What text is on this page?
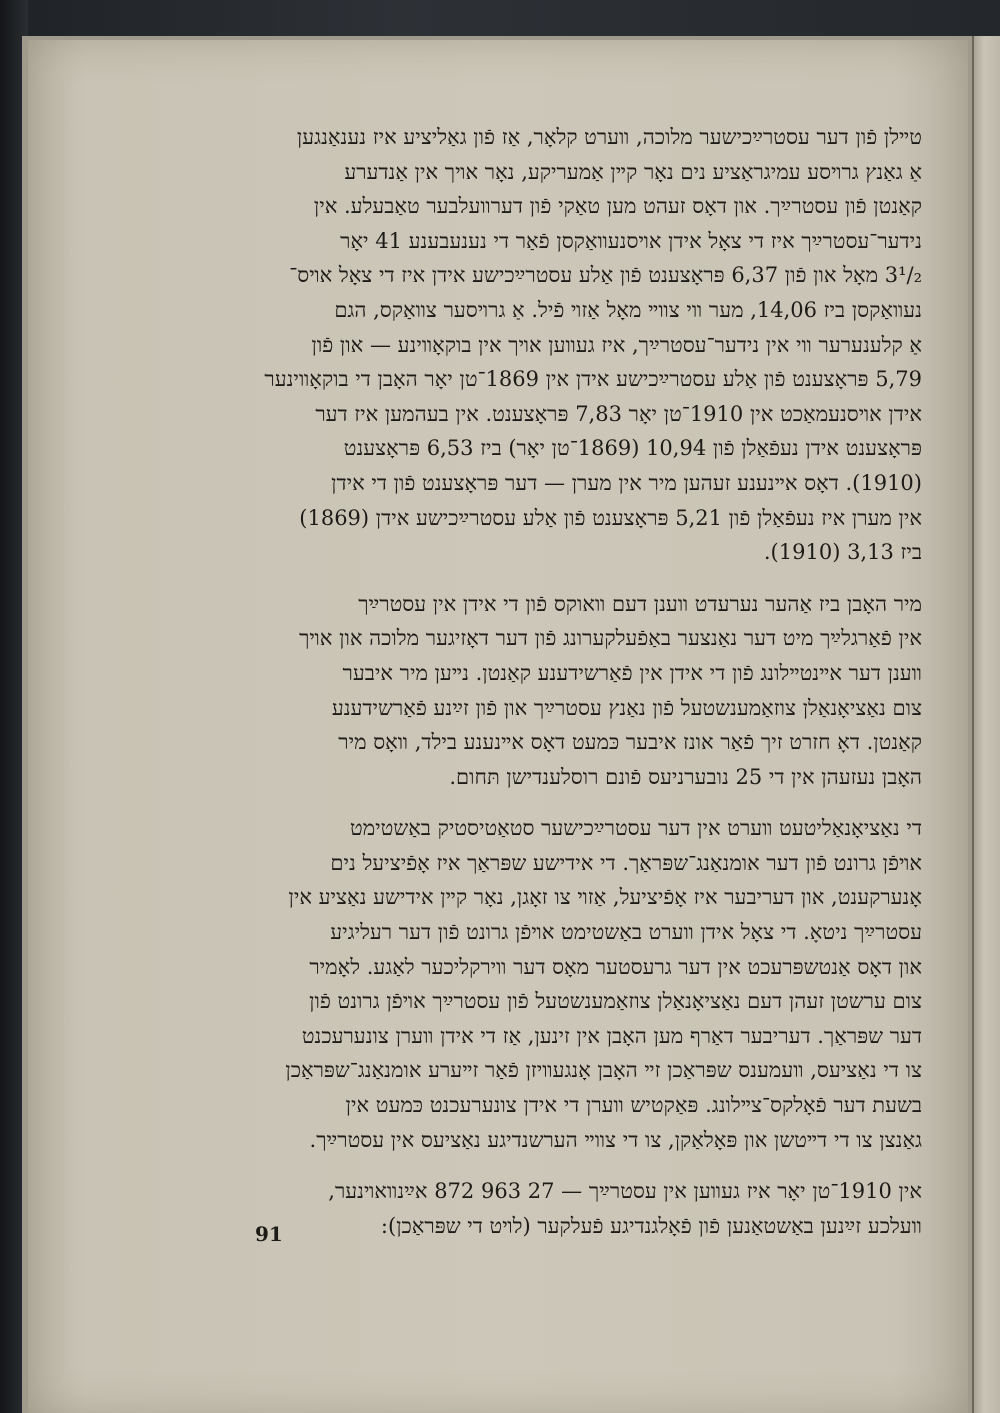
טײלן פֿון דער עסטרײַכישער מלוכה, װערט קלאָר, אַז פֿון גאַליציע איז נענאַנגען
אַ גאַנץ גרױסע עמיגראַציע נים נאָר קײן אַמעריקע, נאָר אױך אין אַנדערע
קאַנטן פֿון עסטרײַך. און דאָס זעהט מען טאַקי פֿון דערװעלבער טאַבעלע. אין
נידער־עסטרײַך איז די צאָל אידן אױסנעװאַקסן פֿאַר די נענעבענע 41 יאָר
3¹/₂ מאָל און פֿון 6,37 פּראָצענט פֿון אַלע עסטרײַכישע אידן איז די צאָל אױס־
נעװאַקסן ביז 14,06, מער װי צװײ מאָל אַזױ פֿיל. אַ גרױסער צװאַקס, הגם
אַ קלענערער װי אין נידער־עסטרײַך, איז געװען אױך אין בוקאָװינע — און פֿון
5,79 פּראָצענט פֿון אַלע עסטרײַכישע אידן אין 1869־טן יאָר האָבן די בוקאָװינער
אידן אױסנעמאַכט אין 1910־טן יאָר 7,83 פּראָצענט. אין בעהמען איז דער
פּראָצענט אידן נעפֿאַלן פֿון 10,94 (1869־טן יאָר) ביז 6,53 פּראָצענט
(1910). דאָס אײנענע זעהען מיר אין מערן — דער פּראָצענט פֿון די אידן
אין מערן איז נעפֿאַלן פֿון 5,21 פּראָצענט פֿון אַלע עסטרײַכישע אידן (1869)
ביז 3,13 (1910).
מיר האָבן ביז אַהער נערעדט װענן דעם װאוקס פֿון די אידן אין עסטרײַך
אין פֿאַרגלײַך מיט דער נאַנצער באַפֿעלקערונג פֿון דער דאָזיגער מלוכה און אױך
װענן דער אײנטײלונג פֿון די אידן אין פֿאַרשידענע קאַנטן. נײען מיר איבער
צום נאַציאָנאַלן צוזאַמענשטעל פֿון נאַנץ עסטרײַך און פֿון זײַנע פֿאַרשידענע
קאַנטן. דאָ חזרט זיך פֿאַר אונז איבער כּמעט דאָס אײנענע בילד, װאָס מיר
האָבן נעזעהן אין די 25 נובערניעס פֿונם רוסלענדישן תּחום.
די נאַציאָנאַליטעט װערט אין דער עסטרײַכישער סטאַטיסטיק באַשטימט
אױפֿן גרונט פֿון דער אומנאַנג־שפּראַך. די אידישע שפּראַך איז אָפֿיציעל נים
אָנערקענט, און דעריבער איז אָפֿיציעל, אַזױ צו זאָגן, נאָר קײן אידישע נאַציע אין
עסטרײַך ניטאָ. די צאָל אידן װערט באַשטימט אױפֿן גרונט פֿון דער רעליגיע
און דאָס אַנטשפּרעכט אין דער גרעסטער מאָס דער װירקליכער לאַגע. לאָמיר
צום ערשטן זעהן דעם נאַציאָנאַלן צוזאַמענשטעל פֿון עסטרײַך אױפֿן גרונט פֿון
דער שפּראַך. דעריבער דאַרף מען האָבן אין זינען, אַז די אידן װערן צונערעכנט
צו די נאַציעס, װעמענס שפּראַכן זײ האָבן אָנגעװיזן פֿאַר זײערע אומנאַנג־שפּראַכן
בשעת דער פֿאָלקס־צײלונג. פּאַקטיש װערן די אידן צונערעכנט כּמעט אין
גאַנצן צו די דײטשן און פּאָלאַקן, צו די צװײ הערשנדיגע נאַציעס אין עסטרײַך.
אין 1910־טן יאָר איז געװען אין עסטרײַך — 27 963 872 אײַנװאױנער,
װעלכע זײַנען באַשטאַנען פֿון פֿאָלגנדיגע פֿעלקער (לױט די שפּראַכן):
91
